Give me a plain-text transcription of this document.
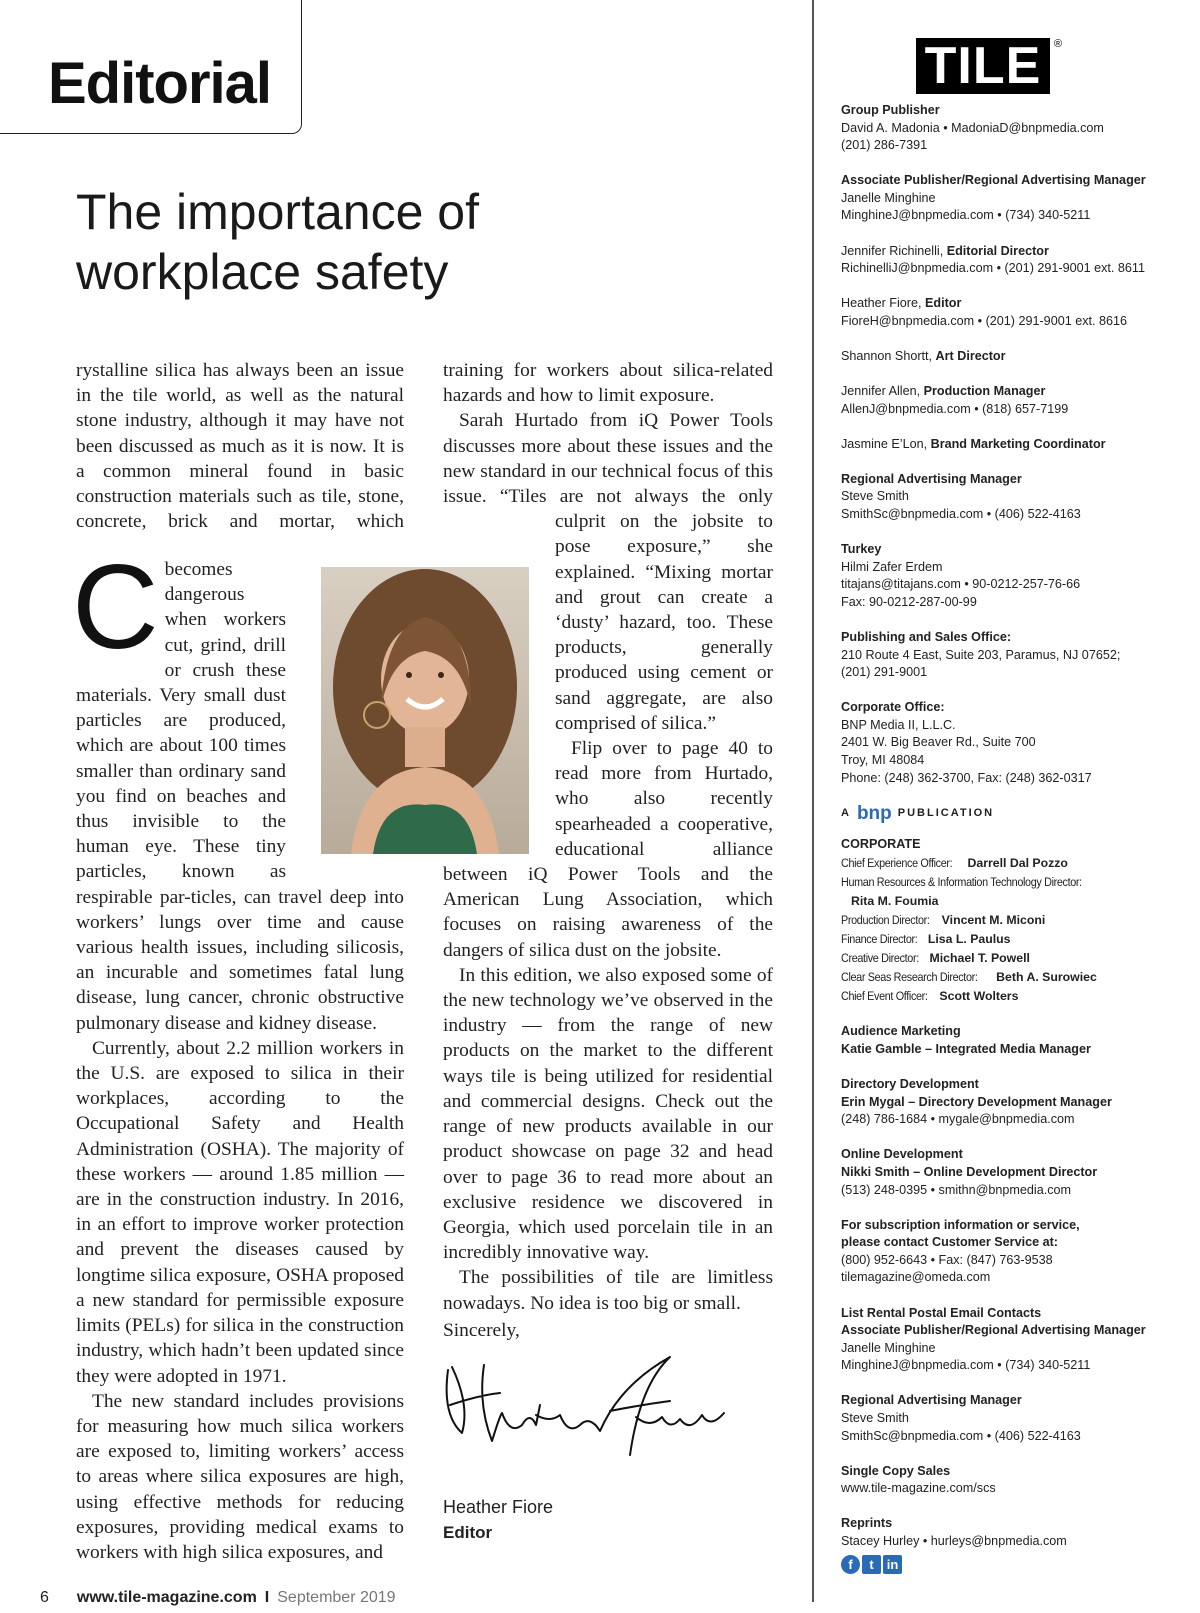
Editorial
The importance of
workplace safety

C
rystalline silica has always been an issue in the tile world, as well as the natural stone industry, although it may have not been discussed as much as it is now. It is a common mineral found in basic construction materials such as tile, stone, concrete, brick and mortar, which becomes dangerous when workers cut, grind, drill or crush these materials. Very small dust particles are produced, which are about 100 times smaller than ordinary sand you find on beaches and thus invisible to the human eye. These tiny particles, known as respirable par-ticles, can travel deep into workers’ lungs over time and cause various health issues, including silicosis, an incurable and sometimes fatal lung disease, lung cancer, chronic obstructive pulmonary disease and kidney disease.

Currently, about 2.2 million workers in the U.S. are exposed to silica in their workplaces, according to the Occupational Safety and Health Administration (OSHA). The majority of these workers — around 1.85 million — are in the construction industry. In 2016, in an effort to improve worker protection and prevent the diseases caused by longtime silica exposure, OSHA proposed a new standard for permissible exposure limits (PELs) for silica in the construction industry, which hadn’t been updated since they were adopted in 1971.

The new standard includes provisions for measuring how much silica workers are exposed to, limiting workers’ access to areas where silica exposures are high, using effective methods for reducing exposures, providing medical exams to workers with high silica exposures, and

training for workers about silica-related hazards and how to limit exposure.

Sarah Hurtado from iQ Power Tools discusses more about these issues and the new standard in our technical focus of this issue. “Tiles are not always the only culprit on the jobsite to pose exposure,” she explained. “Mixing mortar and grout can create a ‘dusty’ hazard, too. These products, generally produced using cement or sand aggregate, are also comprised of silica.”

Flip over to page 40 to read more from Hurtado, who also recently spearheaded a cooperative, educational alliance between iQ Power Tools and the American Lung Association, which focuses on raising awareness of the dangers of silica dust on the jobsite.

In this edition, we also exposed some of the new technology we’ve observed in the industry — from the range of new products on the market to the different ways tile is being utilized for residential and commercial designs. Check out the range of new products available in our product showcase on page 32 and head over to page 36 to read more about an exclusive residence we discovered in Georgia, which used porcelain tile in an incredibly innovative way.

The possibilities of tile are limitless nowadays. No idea is too big or small.

Sincerely,
Heather Fiore
Editor
6 www.tile-magazine.com I September 2019
TILE	®
Group Publisher
David A. Madonia • MadoniaD@bnpmedia.com
(201) 286-7391
Associate Publisher/Regional Advertising Manager
Janelle Minghine
MinghineJ@bnpmedia.com • (734) 340-5211
Jennifer Richinelli, Editorial Director
RichinelliJ@bnpmedia.com • (201) 291-9001 ext. 8611
Heather Fiore, Editor
FioreH@bnpmedia.com • (201) 291-9001 ext. 8616
Shannon Shortt, Art Director
Jennifer Allen, Production Manager
AllenJ@bnpmedia.com • (818) 657-7199
Jasmine E’Lon, Brand Marketing Coordinator
Regional Advertising Manager
Steve Smith
SmithSc@bnpmedia.com • (406) 522-4163
Turkey
Hilmi Zafer Erdem
titajans@titajans.com • 90-0212-257-76-66
Fax: 90-0212-287-00-99
Publishing and Sales Office:
210 Route 4 East, Suite 203, Paramus, NJ 07652;
(201) 291-9001
Corporate Office:
BNP Media II, L.L.C.
2401 W. Big Beaver Rd., Suite 700
Troy, MI 48084
Phone: (248) 362-3700, Fax: (248) 362-0317
A bnp PUBLICATION
CORPORATE
Chief Experience Officer:Darrell Dal Pozzo
Human Resources & Information Technology Director:
Rita M. Foumia
Production Director:Vincent M. Miconi
Finance Director:Lisa L. Paulus
Creative Director:Michael T. Powell
Clear Seas Research Director:Beth A. Surowiec
Chief Event Officer:Scott Wolters
Audience Marketing
Katie Gamble – Integrated Media Manager
Directory Development
Erin Mygal – Directory Development Manager
(248) 786-1684 • mygale@bnpmedia.com
Online Development
Nikki Smith – Online Development Director
(513) 248-0395 • smithn@bnpmedia.com
For subscription information or service,
please contact Customer Service at:
(800) 952-6643 • Fax: (847) 763-9538
tilemagazine@omeda.com
List Rental Postal Email Contacts
Associate Publisher/Regional Advertising Manager
Janelle Minghine
MinghineJ@bnpmedia.com • (734) 340-5211
Regional Advertising Manager
Steve Smith
SmithSc@bnpmedia.com • (406) 522-4163
Single Copy Sales
www.tile-magazine.com/scs
Reprints
Stacey Hurley • hurleys@bnpmedia.com
f	t	in
